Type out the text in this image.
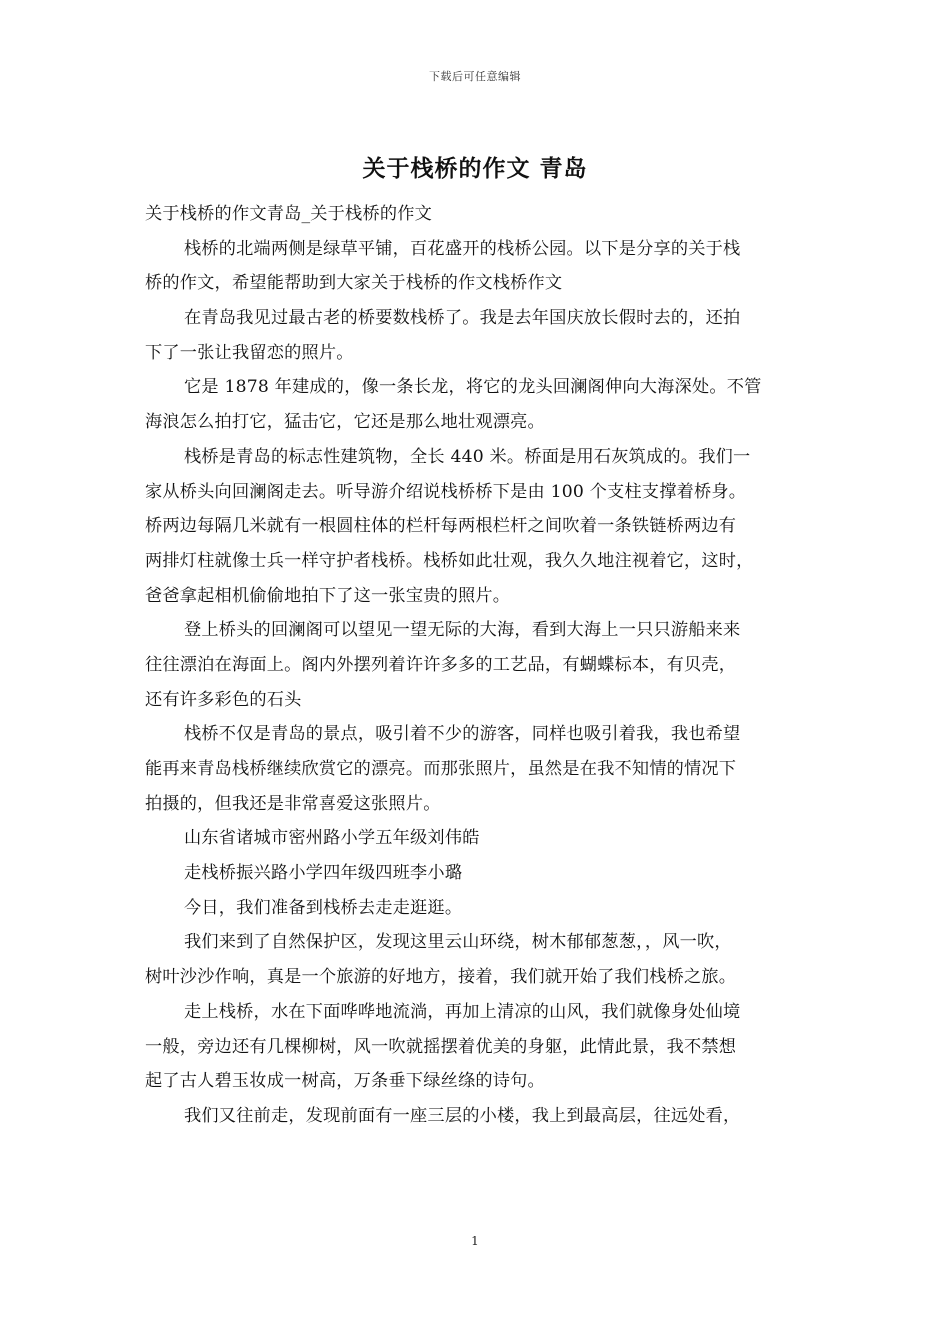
下载后可任意编辑
关于栈桥的作文 青岛
关于栈桥的作文青岛_关于栈桥的作文
栈桥的北端两侧是绿草平铺，百花盛开的栈桥公园。以下是分享的关于栈
桥的作文，希望能帮助到大家关于栈桥的作文栈桥作文
在青岛我见过最古老的桥要数栈桥了。我是去年国庆放长假时去的，还拍
下了一张让我留恋的照片。
它是 1878 年建成的，像一条长龙，将它的龙头回澜阁伸向大海深处。不管
海浪怎么拍打它，猛击它，它还是那么地壮观漂亮。
栈桥是青岛的标志性建筑物，全长 440 米。桥面是用石灰筑成的。我们一
家从桥头向回澜阁走去。听导游介绍说栈桥桥下是由 100 个支柱支撑着桥身。
桥两边每隔几米就有一根圆柱体的栏杆每两根栏杆之间吹着一条铁链桥两边有
两排灯柱就像士兵一样守护者栈桥。栈桥如此壮观，我久久地注视着它，这时，
爸爸拿起相机偷偷地拍下了这一张宝贵的照片。
登上桥头的回澜阁可以望见一望无际的大海，看到大海上一只只游船来来
往往漂泊在海面上。阁内外摆列着许许多多的工艺品，有蝴蝶标本，有贝壳，
还有许多彩色的石头
栈桥不仅是青岛的景点，吸引着不少的游客，同样也吸引着我，我也希望
能再来青岛栈桥继续欣赏它的漂亮。而那张照片，虽然是在我不知情的情况下
拍摄的，但我还是非常喜爱这张照片。
山东省诸城市密州路小学五年级刘伟皓
走栈桥振兴路小学四年级四班李小璐
今日，我们准备到栈桥去走走逛逛。
我们来到了自然保护区，发现这里云山环绕，树木郁郁葱葱，，风一吹，
树叶沙沙作响，真是一个旅游的好地方，接着，我们就开始了我们栈桥之旅。
走上栈桥，水在下面哗哗地流淌，再加上清凉的山风，我们就像身处仙境
一般，旁边还有几棵柳树，风一吹就摇摆着优美的身躯，此情此景，我不禁想
起了古人碧玉妆成一树高，万条垂下绿丝绦的诗句。
我们又往前走，发现前面有一座三层的小楼，我上到最高层，往远处看，
1
